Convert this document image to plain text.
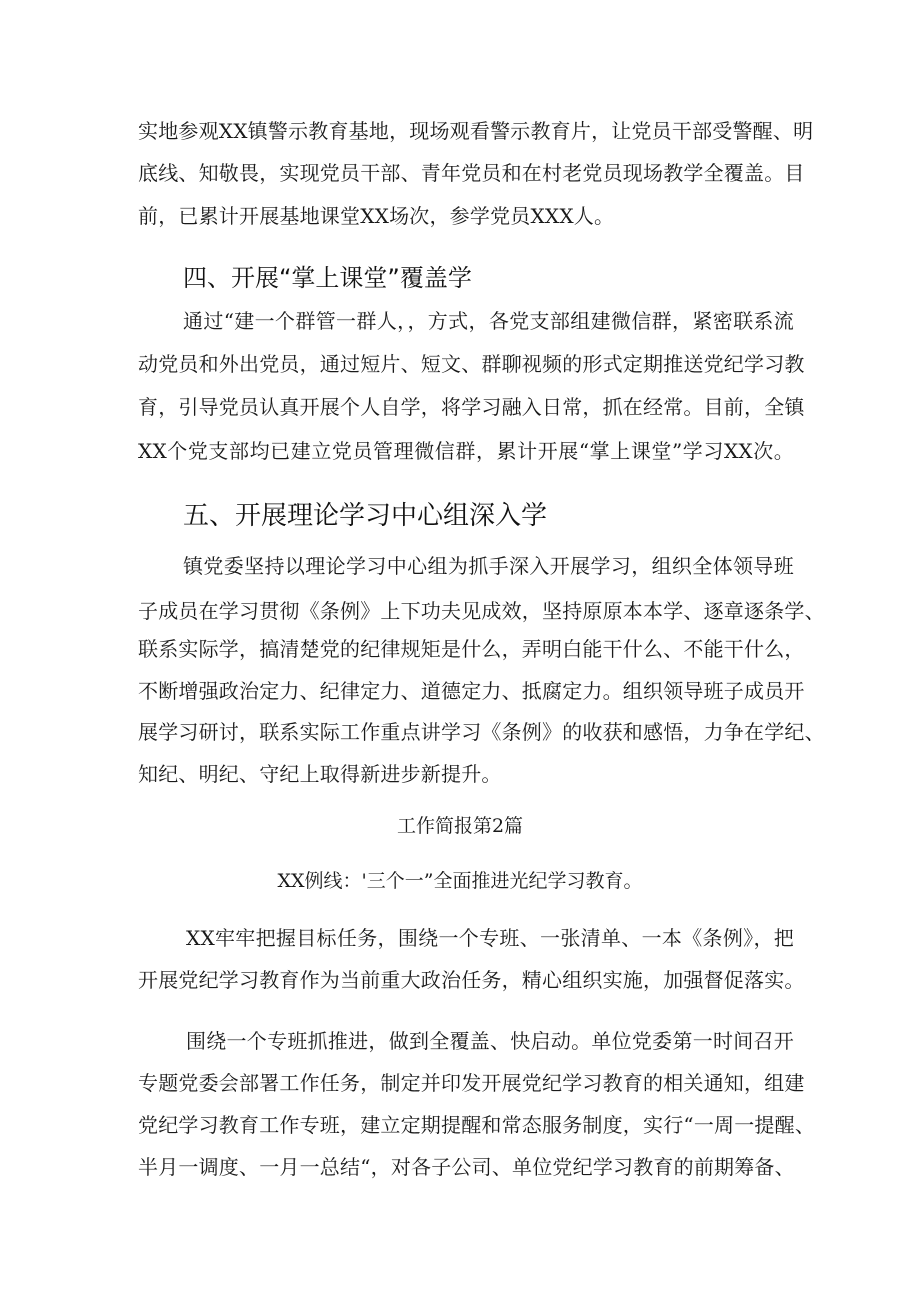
实地参观XX镇警示教育基地，现场观看警示教育片，让党员干部受警醒、明
底线、知敬畏，实现党员干部、青年党员和在村老党员现场教学全覆盖。目
前，已累计开展基地课堂XX场次，参学党员XXX人。
四、开展“掌上课堂”覆盖学
通过“建一个群管一群人，，方式，各党支部组建微信群，紧密联系流
动党员和外出党员，通过短片、短文、群聊视频的形式定期推送党纪学习教
育，引导党员认真开展个人自学，将学习融入日常，抓在经常。目前，全镇
XX个党支部均已建立党员管理微信群，累计开展“掌上课堂”学习XX次。
五、开展理论学习中心组深入学
镇党委坚持以理论学习中心组为抓手深入开展学习，组织全体领导班
子成员在学习贯彻《条例》上下功夫见成效，坚持原原本本学、逐章逐条学、
联系实际学，搞清楚党的纪律规矩是什么，弄明白能干什么、不能干什么，
不断增强政治定力、纪律定力、道德定力、抵腐定力。组织领导班子成员开
展学习研讨，联系实际工作重点讲学习《条例》的收获和感悟，力争在学纪、
知纪、明纪、守纪上取得新进步新提升。
工作简报第2篇
XX例线：'三个一”全面推进光纪学习教育。
XX牢牢把握目标任务，围绕一个专班、一张清单、一本《条例》，把
开展党纪学习教育作为当前重大政治任务，精心组织实施，加强督促落实。
围绕一个专班抓推进，做到全覆盖、快启动。单位党委第一时间召开
专题党委会部署工作任务，制定并印发开展党纪学习教育的相关通知，组建
党纪学习教育工作专班，建立定期提醒和常态服务制度，实行“一周一提醒、
半月一调度、一月一总结“，对各子公司、单位党纪学习教育的前期筹备、
